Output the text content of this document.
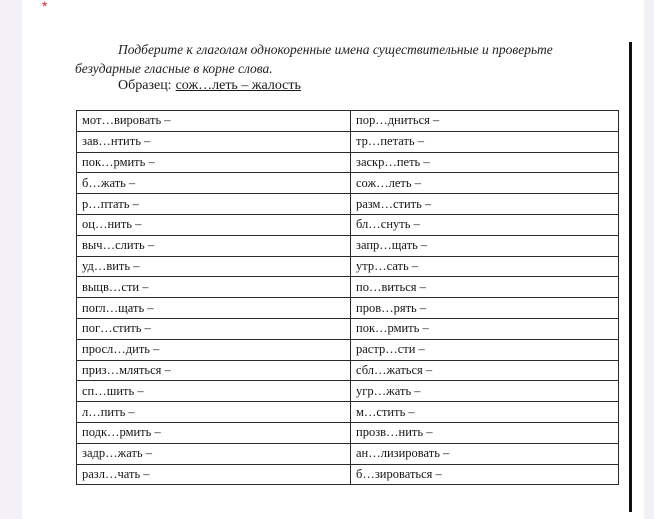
*
Подберите к глаголам однокоренные имена существительные и проверьте
безударные гласные в корне слова.
Образец: сож…леть – жалость
мот…вировать –	пор…дниться –
зав…нтить –	тр…петать –
пок…рмить –	заскр…петь –
б…жать –	сож…леть –
р…птать –	разм…стить –
оц…нить –	бл…снуть –
выч…слить –	запр…щать –
уд…вить –	утр…сать –
выцв…сти –	по…виться –
погл…щать –	пров…рять –
пог…стить –	пок…рмить –
просл…дить –	растр…сти –
приз…мляться –	сбл…жаться –
сп…шить –	угр…жать –
л…пить –	м…стить –
подк…рмить –	прозв…нить –
задр…жать –	ан…лизировать –
разл…чать –	б…зироваться –
